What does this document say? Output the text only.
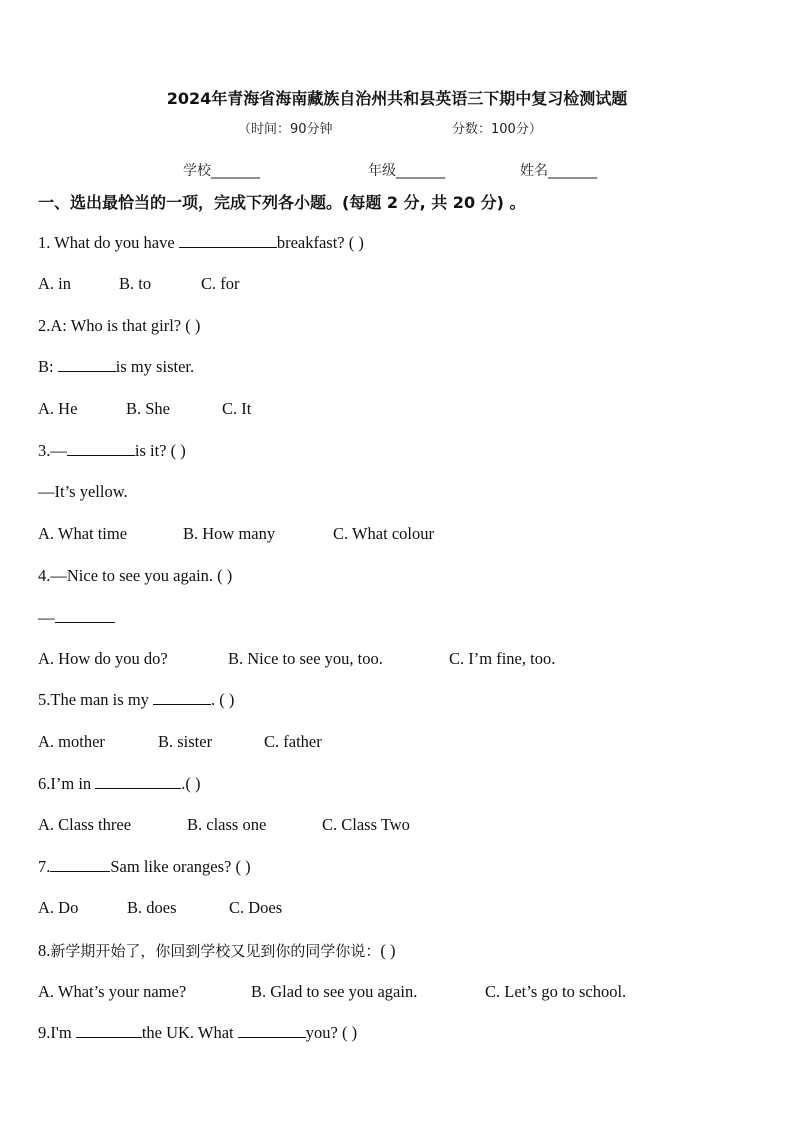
2024年青海省海南藏族自治州共和县英语三下期中复习检测试题
（时间：90分钟	分数：100分）
学校_______	年级_______	姓名_______
一、选出最恰当的一项，完成下列各小题。(每题 2 分, 共 20 分) 。
1. What do you have	breakfast? ( )
A. in	B. to	C. for
2.A: Who is that girl? ( )
B:	is my sister.
A. He	B. She	C. It
3.—	is it? ( )
—It’s yellow.
A. What time	B. How many	C. What colour
4.—Nice to see you again. ( )
—
A. How do you do?	B. Nice to see you, too.	C. I’m fine, too.
5.The man is my	. ( )
A. mother	B. sister	C. father
6.I’m in	.( )
A. Class three	B. class one	C. Class Two
7.	Sam like oranges? ( )
A. Do	B. does	C. Does
8.新学期开始了，你回到学校又见到你的同学你说：( )
A. What’s your name?	B. Glad to see you again.	C. Let’s go to school.
9.I'm	the UK. What	you? ( )
